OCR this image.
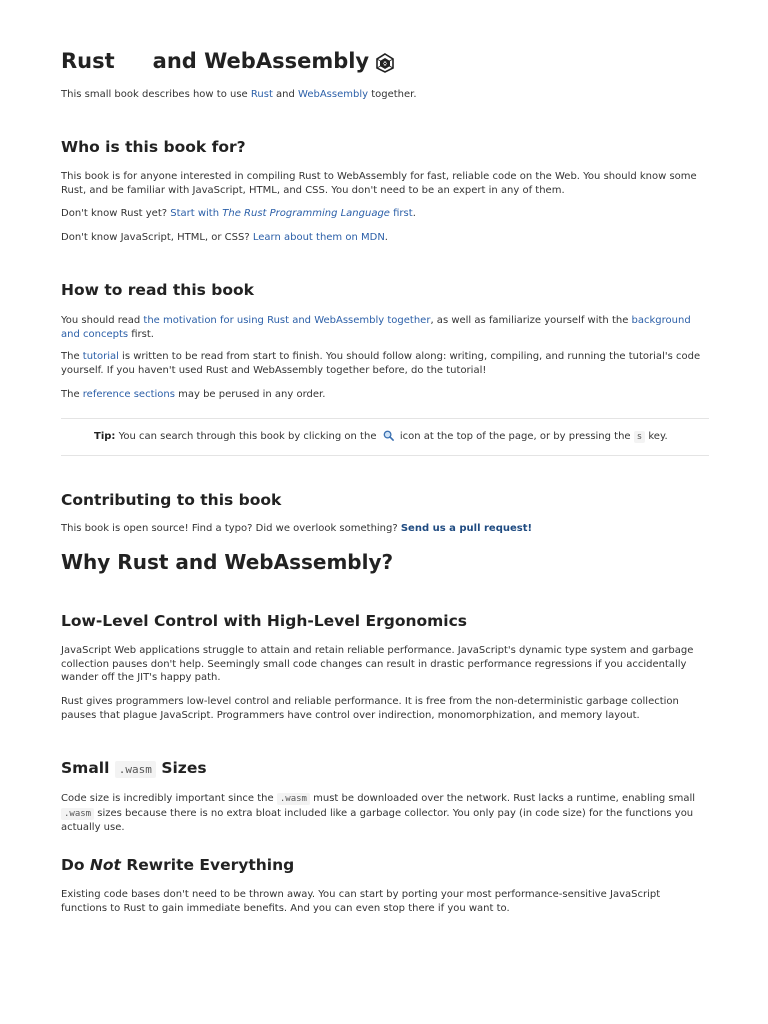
Rust and WebAssembly

This small book describes how to use Rust and WebAssembly together.

Who is this book for?

This book is for anyone interested in compiling Rust to WebAssembly for fast, reliable code on the Web. You should know some Rust, and be familiar with JavaScript, HTML, and CSS. You don't need to be an expert in any of them.

Don't know Rust yet? Start with The Rust Programming Language first.

Don't know JavaScript, HTML, or CSS? Learn about them on MDN.

How to read this book

You should read the motivation for using Rust and WebAssembly together, as well as familiarize yourself with the background and concepts first.

The tutorial is written to be read from start to finish. You should follow along: writing, compiling, and running the tutorial's code yourself. If you haven't used Rust and WebAssembly together before, do the tutorial!

The reference sections may be perused in any order.

Tip: You can search through this book by clicking on the  icon at the top of the page, or by pressing the s key.

Contributing to this book

This book is open source! Find a typo? Did we overlook something? Send us a pull request!

Why Rust and WebAssembly?
Low-Level Control with High-Level Ergonomics

JavaScript Web applications struggle to attain and retain reliable performance. JavaScript's dynamic type system and garbage collection pauses don't help. Seemingly small code changes can result in drastic performance regressions if you accidentally wander off the JIT's happy path.

Rust gives programmers low-level control and reliable performance. It is free from the non-deterministic garbage collection pauses that plague JavaScript. Programmers have control over indirection, monomorphization, and memory layout.

Small .wasm Sizes

Code size is incredibly important since the .wasm must be downloaded over the network. Rust lacks a runtime, enabling small .wasm sizes because there is no extra bloat included like a garbage collector. You only pay (in code size) for the functions you actually use.

Do Not Rewrite Everything

Existing code bases don't need to be thrown away. You can start by porting your most performance-sensitive JavaScript functions to Rust to gain immediate benefits. And you can even stop there if you want to.
